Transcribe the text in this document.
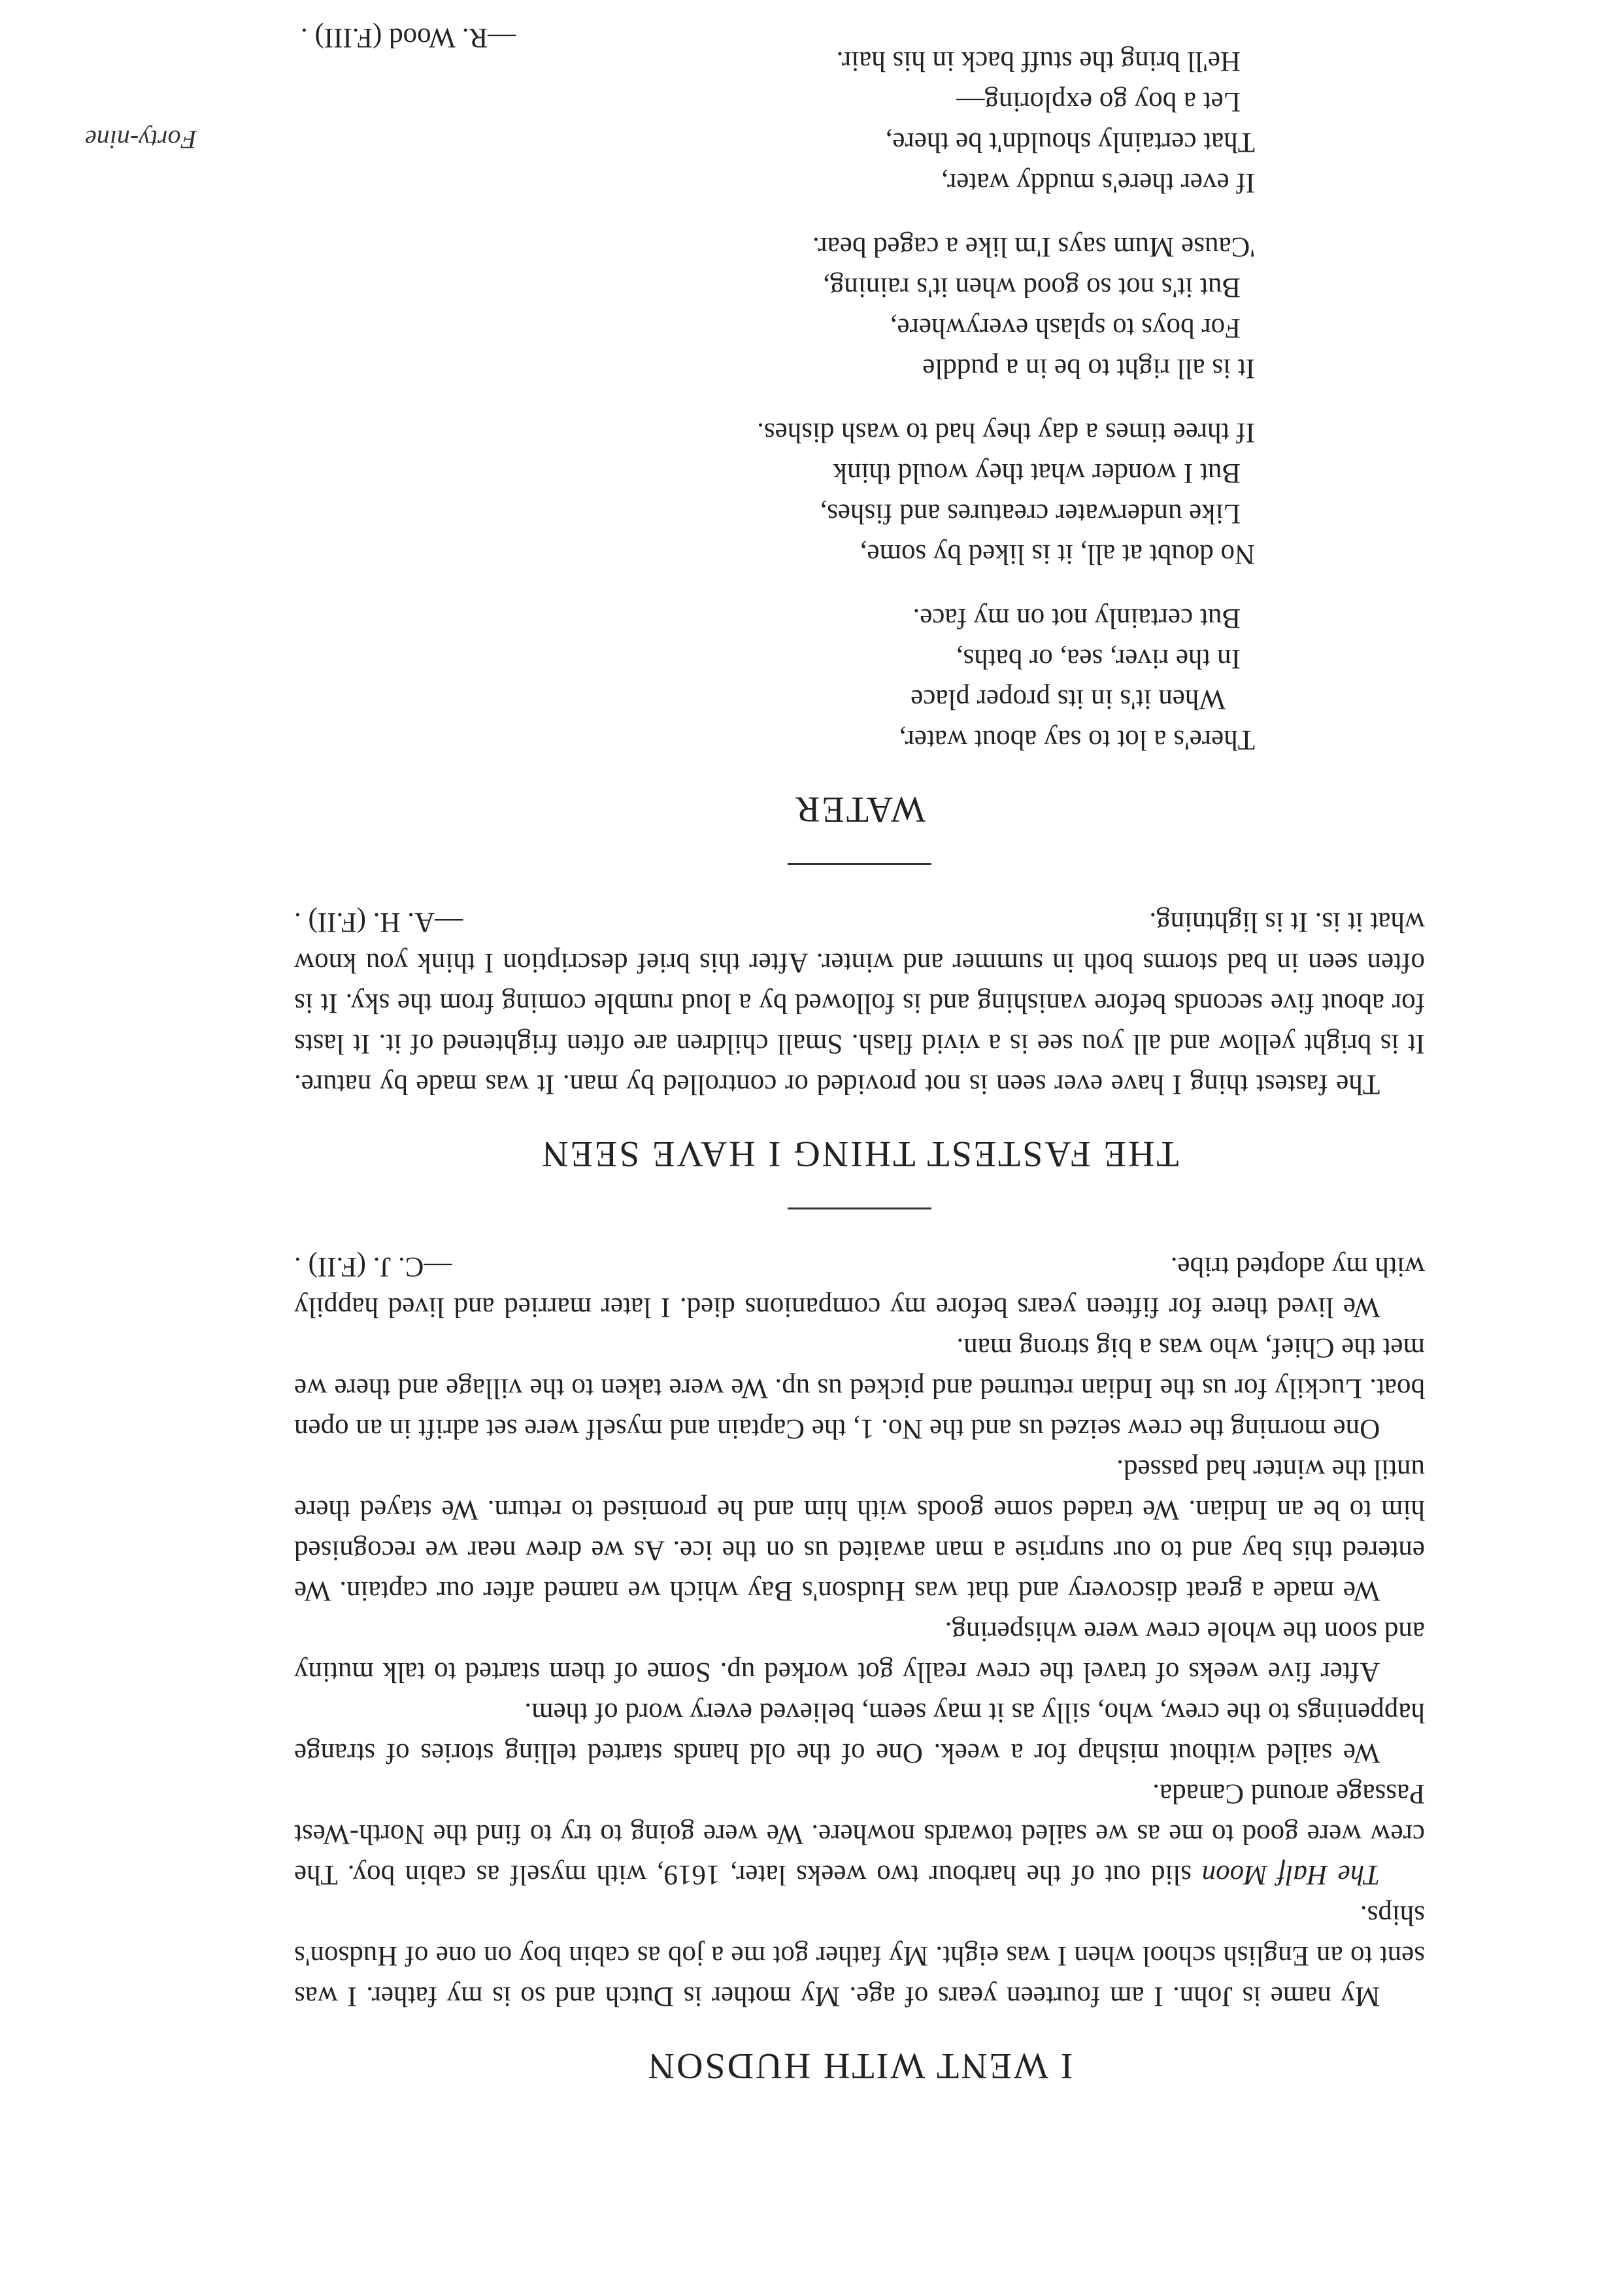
I WENT WITH HUDSON

My name is John. I am fourteen years of age. My mother is Dutch and so is my father. I was sent to an English school when I was eight. My father got me a job as cabin boy on one of Hudson's ships.

The Half Moon slid out of the harbour two weeks later, 1619, with myself as cabin boy. The crew were good to me as we sailed towards nowhere. We were going to try to find the North-West Passage around Canada.

We sailed without mishap for a week. One of the old hands started telling stories of strange happenings to the crew, who, silly as it may seem, believed every word of them.

After five weeks of travel the crew really got worked up. Some of them started to talk mutiny and soon the whole crew were whispering.

We made a great discovery and that was Hudson's Bay which we named after our captain. We entered this bay and to our surprise a man awaited us on the ice. As we drew near we recognised him to be an Indian. We traded some goods with him and he promised to return. We stayed there until the winter had passed.

One morning the crew seized us and the No. 1, the Captain and myself were set adrift in an open boat. Luckily for us the Indian returned and picked us up. We were taken to the village and there we met the Chief, who was a big strong man.

We lived there for fifteen years before my companions died. I later married and lived happily with my adopted tribe.

—C. J. (F.II) .
THE FASTEST THING I HAVE SEEN

The fastest thing I have ever seen is not provided or controlled by man. It was made by nature. It is bright yellow and all you see is a vivid flash. Small children are often frightened of it. It lasts for about five seconds before vanishing and is followed by a loud rumble coming from the sky. It is often seen in bad storms both in summer and winter. After this brief description I think you know what it is. It is lightning.

—A. H. (F.II) .
WATER
There's a lot to say about water,
When it's in its proper place
In the river, sea, or baths,
But certainly not on my face.
No doubt at all, it is liked by some,
Like underwater creatures and fishes,
But I wonder what they would think
If three times a day they had to wash dishes.
It is all right to be in a puddle
For boys to splash everywhere,
But it's not so good when it's raining,
'Cause Mum says I'm like a caged bear.
If ever there's muddy water,
That certainly shouldn't be there,
Let a boy go exploring—
He'll bring the stuff back in his hair.
—R. Wood (F.III) .
Forty-nine
